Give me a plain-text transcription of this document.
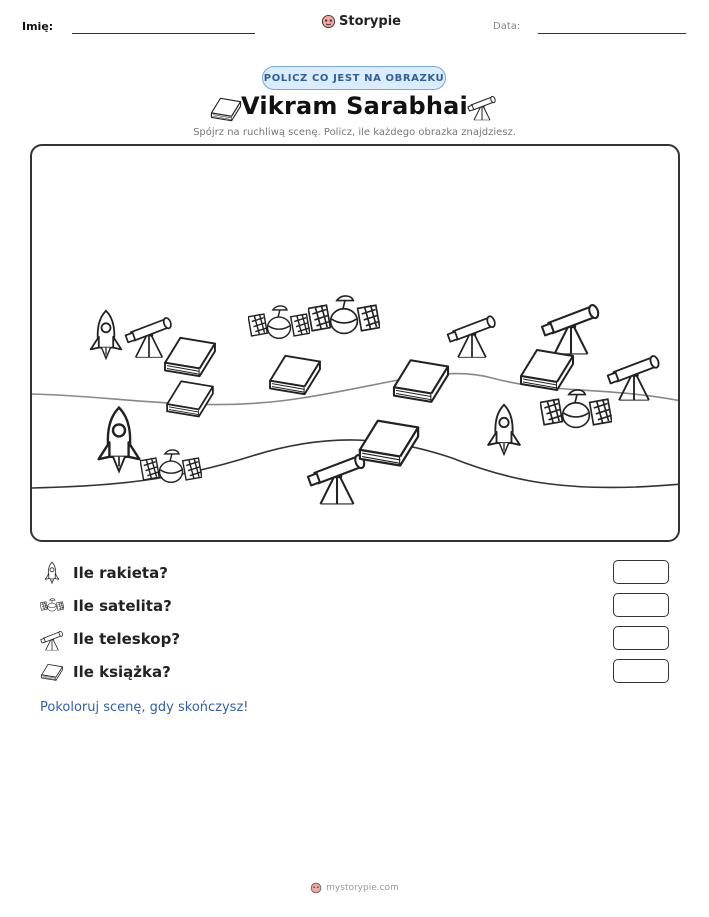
Imię:	Storypie	Data:
POLICZ CO JEST NA OBRAZKU
Vikram Sarabhai
Spójrz na ruchliwą scenę. Policz, ile każdego obrazka znajdziesz.
Ile rakieta?
Ile satelita?
Ile teleskop?
Ile książka?
Pokoloruj scenę, gdy skończysz!
mystorypie.com
